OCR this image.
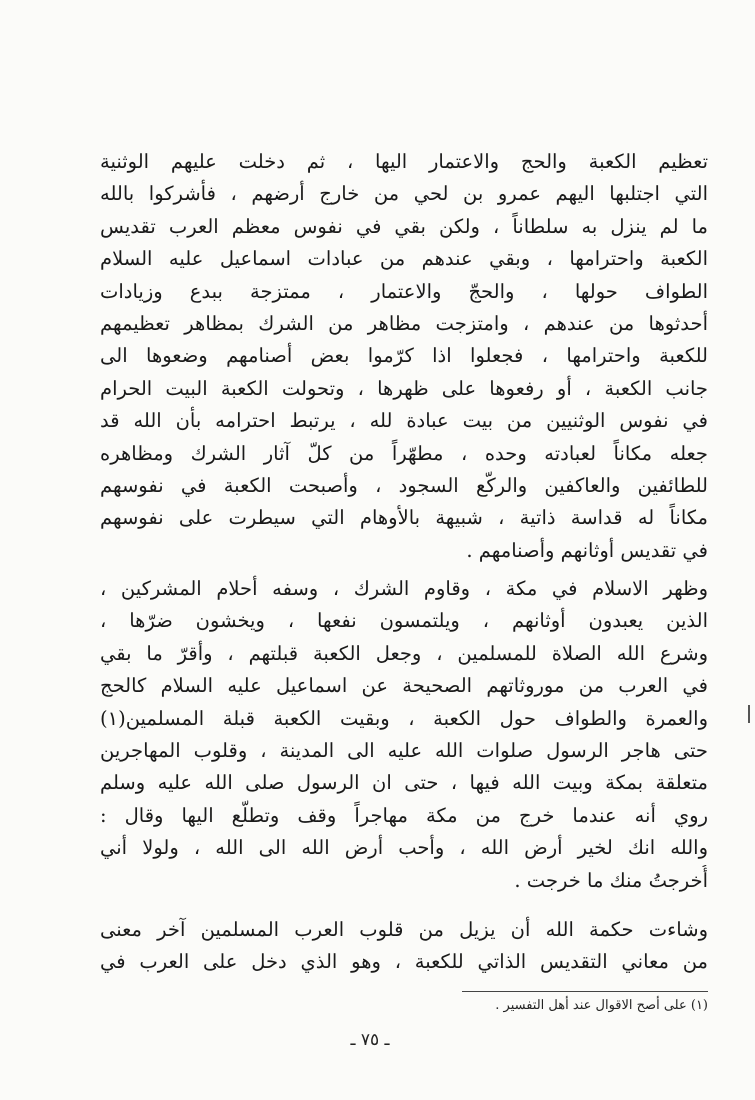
تعظيم الكعبة والحج والاعتمار اليها ، ثم دخلت عليهم الوثنية
التي اجتلبها اليهم عمرو بن لحي من خارج أرضهم ، فأشركوا بالله
ما لم ينزل به سلطاناً ، ولكن بقي في نفوس معظم العرب تقديس
الكعبة واحترامها ، وبقي عندهم من عبادات اسماعيل عليه السلام
الطواف حولها ، والحجّ والاعتمار ، ممتزجة ببدع وزيادات
أحدثوها من عندهم ، وامتزجت مظاهر من الشرك بمظاهر تعظيمهم
للكعبة واحترامها ، فجعلوا اذا كرّموا بعض أصنامهم وضعوها الى
جانب الكعبة ، أو رفعوها على ظهرها ، وتحولت الكعبة البيت الحرام
في نفوس الوثنيين من بيت عبادة لله ، يرتبط احترامه بأن الله قد
جعله مكاناً لعبادته وحده ، مطهّراً من كلّ آثار الشرك ومظاهره
للطائفين والعاكفين والركّع السجود ، وأصبحت الكعبة في نفوسهم
مكاناً له قداسة ذاتية ، شبيهة بالأوهام التي سيطرت على نفوسهم
في تقديس أوثانهم وأصنامهم .
وظهر الاسلام في مكة ، وقاوم الشرك ، وسفه أحلام المشركين ،
الذين يعبدون أوثانهم ، ويلتمسون نفعها ، ويخشون ضرّها ،
وشرع الله الصلاة للمسلمين ، وجعل الكعبة قبلتهم ، وأقرّ ما بقي
في العرب من موروثاتهم الصحيحة عن اسماعيل عليه السلام كالحج
والعمرة والطواف حول الكعبة ، وبقيت الكعبة قبلة المسلمين(١)
حتى هاجر الرسول صلوات الله عليه الى المدينة ، وقلوب المهاجرين
متعلقة بمكة وبيت الله فيها ، حتى ان الرسول صلى الله عليه وسلم
روي أنه عندما خرج من مكة مهاجراً وقف وتطلّع اليها وقال :
والله انك لخير أرض الله ، وأحب أرض الله الى الله ، ولولا أني
أُخرجتُ منك ما خرجت .
وشاءت حكمة الله أن يزيل من قلوب العرب المسلمين آخر معنى
من معاني التقديس الذاتي للكعبة ، وهو الذي دخل على العرب في
(١) على أصح الاقوال عند أهل التفسير .
ـ ٧٥ ـ
